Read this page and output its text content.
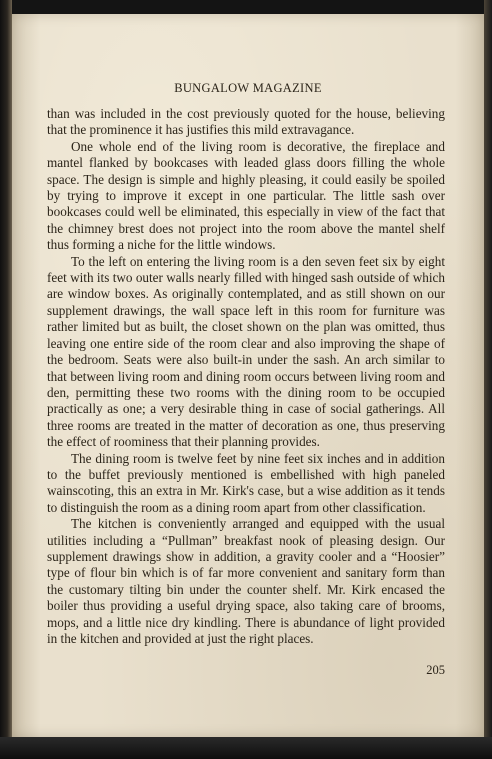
BUNGALOW MAGAZINE

than was included in the cost previously quoted for the house, believing that the prominence it has justifies this mild extravagance.

One whole end of the living room is decorative, the fireplace and mantel flanked by bookcases with leaded glass doors filling the whole space. The design is simple and highly pleasing, it could easily be spoiled by trying to improve it except in one particular. The little sash over bookcases could well be eliminated, this especially in view of the fact that the chimney brest does not project into the room above the mantel shelf thus forming a niche for the little windows.

To the left on entering the living room is a den seven feet six by eight feet with its two outer walls nearly filled with hinged sash outside of which are window boxes. As originally contemplated, and as still shown on our supplement drawings, the wall space left in this room for furniture was rather limited but as built, the closet shown on the plan was omitted, thus leaving one entire side of the room clear and also improving the shape of the bedroom. Seats were also built-in under the sash. An arch similar to that between living room and dining room occurs between living room and den, permitting these two rooms with the dining room to be occupied practically as one; a very desirable thing in case of social gatherings. All three rooms are treated in the matter of decoration as one, thus preserving the effect of roominess that their planning provides.

The dining room is twelve feet by nine feet six inches and in addition to the buffet previously mentioned is embellished with high paneled wainscoting, this an extra in Mr. Kirk's case, but a wise addition as it tends to distinguish the room as a dining room apart from other classification.

The kitchen is conveniently arranged and equipped with the usual utilities including a “Pullman” breakfast nook of pleasing design. Our supplement drawings show in addition, a gravity cooler and a “Hoosier” type of flour bin which is of far more convenient and sanitary form than the customary tilting bin under the counter shelf. Mr. Kirk encased the boiler thus providing a useful drying space, also taking care of brooms, mops, and a little nice dry kindling. There is abundance of light provided in the kitchen and provided at just the right places.

205
